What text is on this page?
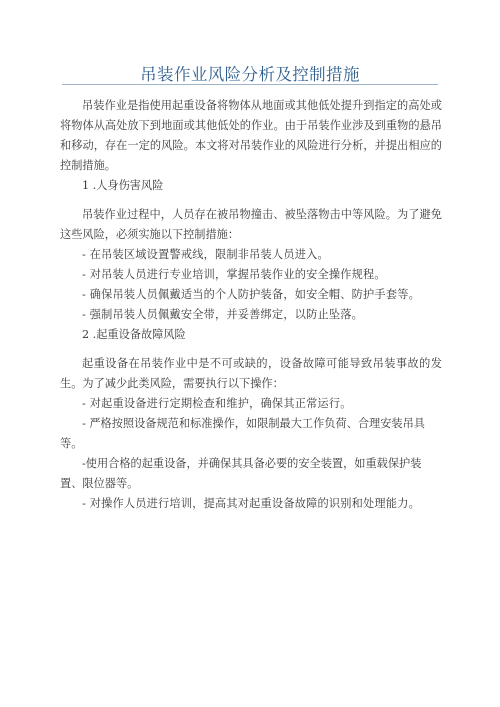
吊装作业风险分析及控制措施

吊装作业是指使用起重设备将物体从地面或其他低处提升到指定的高处或将物体从高处放下到地面或其他低处的作业。由于吊装作业涉及到重物的悬吊和移动，存在一定的风险。本文将对吊装作业的风险进行分析，并提出相应的控制措施。

1 .人身伤害风险

吊装作业过程中，人员存在被吊物撞击、被坠落物击中等风险。为了避免这些风险，必须实施以下控制措施：

- 在吊装区域设置警戒线，限制非吊装人员进入。

- 对吊装人员进行专业培训，掌握吊装作业的安全操作规程。

- 确保吊装人员佩戴适当的个人防护装备，如安全帽、防护手套等。

- 强制吊装人员佩戴安全带，并妥善绑定，以防止坠落。

2 .起重设备故障风险

起重设备在吊装作业中是不可或缺的，设备故障可能导致吊装事故的发生。为了减少此类风险，需要执行以下操作：

- 对起重设备进行定期检查和维护，确保其正常运行。

- 严格按照设备规范和标准操作，如限制最大工作负荷、合理安装吊具等。

-使用合格的起重设备，并确保其具备必要的安全装置，如重载保护装置、限位器等。

- 对操作人员进行培训，提高其对起重设备故障的识别和处理能力。
